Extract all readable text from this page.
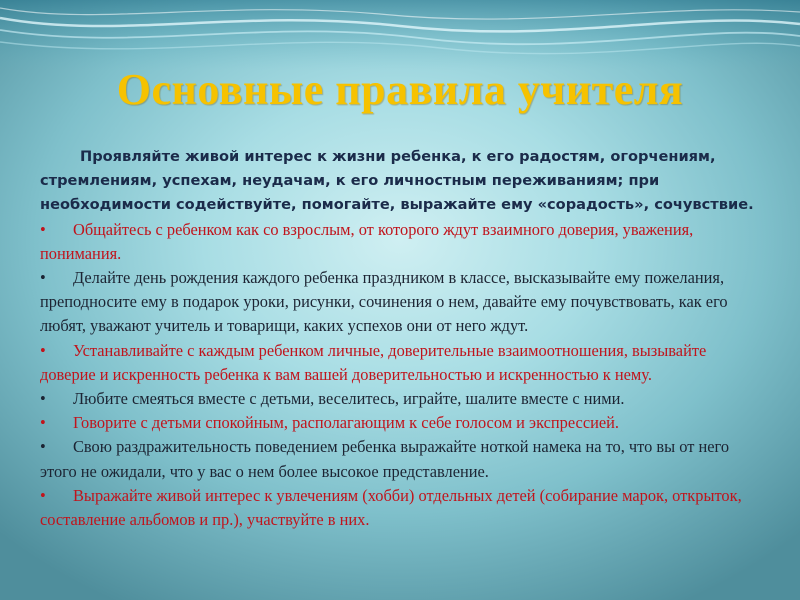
Основные правила учителя

Проявляйте живой интерес к жизни ребенка, к его радостям, огорчениям, стремлениям, успехам, неудачам, к его личностным переживаниям; при необходимости содействуйте, помогайте, выражайте ему «сорадость», сочувствие.

• Общайтесь с ребенком как со взрослым, от которого ждут взаимного доверия, уважения, понимания.

• Делайте день рождения каждого ребенка праздником в классе, высказывайте ему пожелания, преподносите ему в подарок уроки, рисунки, сочинения о нем, давайте ему почувствовать, как его любят, уважают учитель и товарищи, каких успехов они от него ждут.

• Устанавливайте с каждым ребенком личные, доверительные взаимоотношения, вызывайте доверие и искренность ребенка к вам вашей доверительностью и искренностью к нему.

• Любите смеяться вместе с детьми, веселитесь, играйте, шалите вместе с ними.

• Говорите с детьми спокойным, располагающим к себе голосом и экспрессией.

• Свою раздражительность поведением ребенка выражайте ноткой намека на то, что вы от него этого не ожидали, что у вас о нем более высокое представление.

• Выражайте живой интерес к увлечениям (хобби) отдельных детей (собирание марок, открыток, составление альбомов и пр.), участвуйте в них.
